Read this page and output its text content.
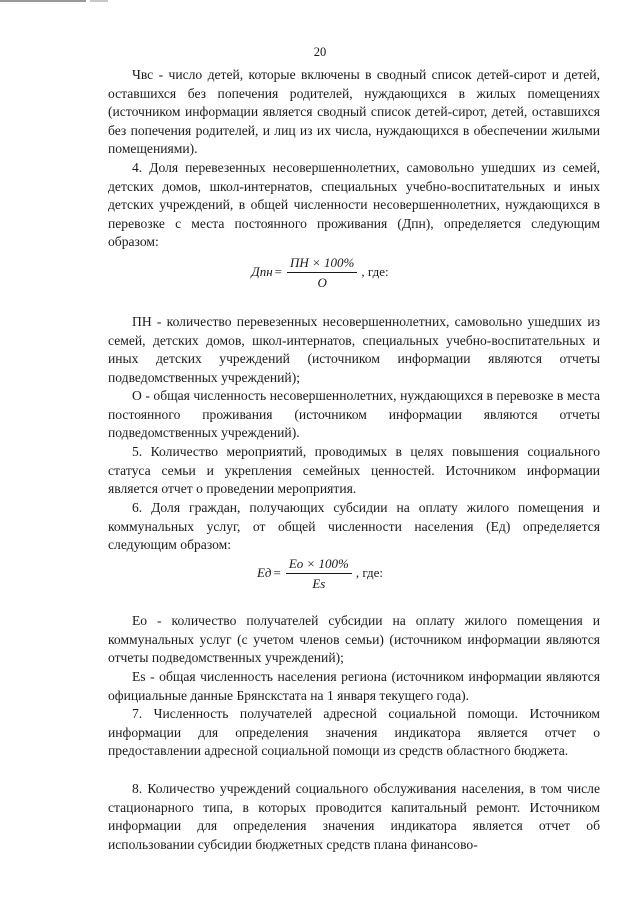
20

Чвс - число детей, которые включены в сводный список детей-сирот и детей, оставшихся без попечения родителей, нуждающихся в жилых помещениях (источником информации является сводный список детей-сирот, детей, оставшихся без попечения родителей, и лиц из их числа, нуждающихся в обеспечении жилыми помещениями).

4. Доля перевезенных несовершеннолетних, самовольно ушедших из семей, детских домов, школ-интернатов, специальных учебно-воспитательных и иных детских учреждений, в общей численности несовершеннолетних, нуждающихся в перевозке с места постоянного проживания (Дпн), определяется следующим образом:

Дпн = $\frac{ПН \times 100\%}{О}$ , где:

ПН - количество перевезенных несовершеннолетних, самовольно ушедших из семей, детских домов, школ-интернатов, специальных учебно-воспитательных и иных детских учреждений (источником информации являются отчеты подведомственных учреждений);

О - общая численность несовершеннолетних, нуждающихся в перевозке в места постоянного проживания (источником информации являются отчеты подведомственных учреждений).

5. Количество мероприятий, проводимых в целях повышения социального статуса семьи и укрепления семейных ценностей. Источником информации является отчет о проведении мероприятия.

6. Доля граждан, получающих субсидии на оплату жилого помещения и коммунальных услуг, от общей численности населения (Ед) определяется следующим образом:

Ед = $\frac{Ео \times 100\%}{Es}$ , где:

Ео - количество получателей субсидии на оплату жилого помещения и коммунальных услуг (с учетом членов семьи) (источником информации являются отчеты подведомственных учреждений);

Es - общая численность населения региона (источником информации являются официальные данные Брянскстата на 1 января текущего года).

7. Численность получателей адресной социальной помощи. Источником информации для определения значения индикатора является отчет о предоставлении адресной социальной помощи из средств областного бюджета.

8. Количество учреждений социального обслуживания населения, в том числе стационарного типа, в которых проводится капитальный ремонт. Источником информации для определения значения индикатора является отчет об использовании субсидии бюджетных средств плана финансово-
